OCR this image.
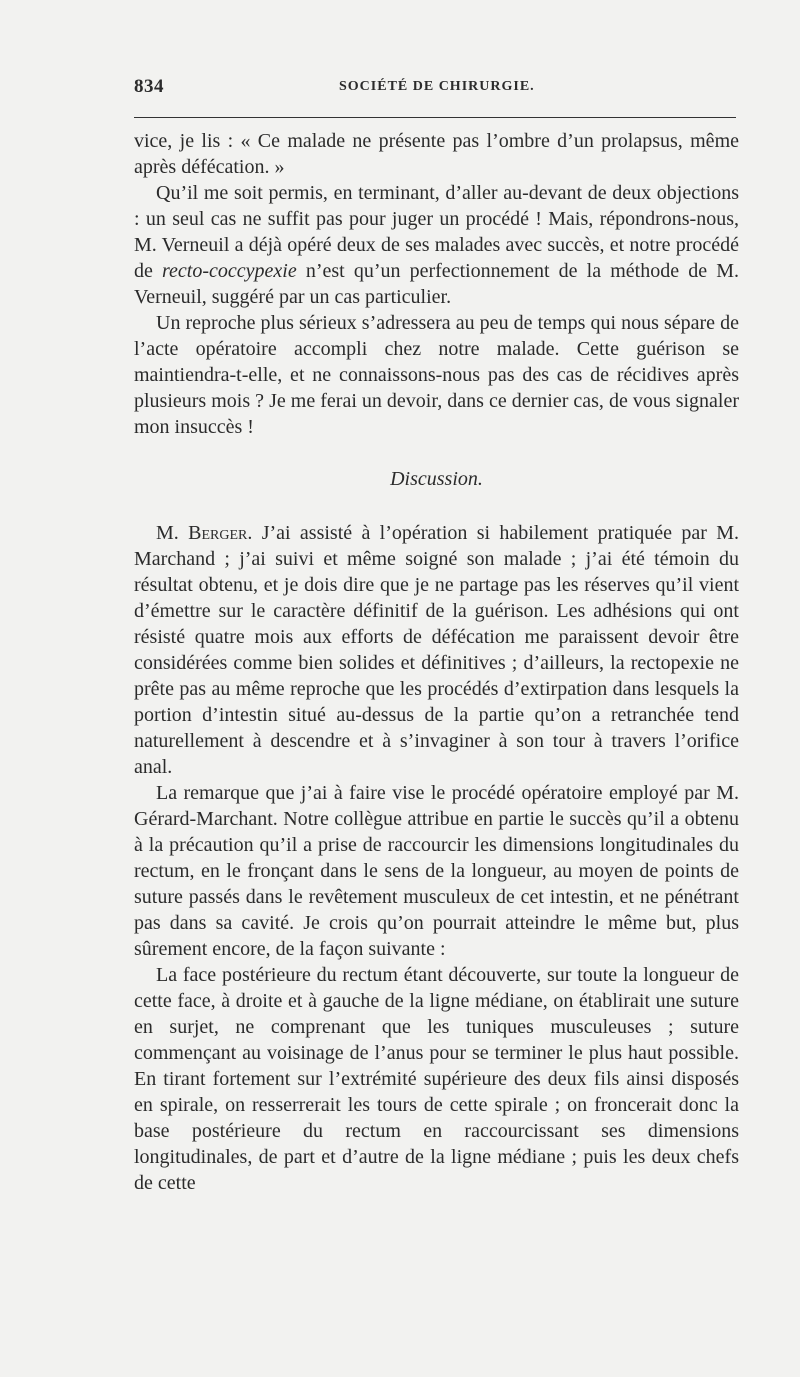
834	SOCIÉTÉ DE CHIRURGIE.

vice, je lis : « Ce malade ne présente pas l’ombre d’un prolapsus, même après défécation. »

Qu’il me soit permis, en terminant, d’aller au-devant de deux objections : un seul cas ne suffit pas pour juger un procédé ! Mais, répondrons-nous, M. Verneuil a déjà opéré deux de ses malades avec succès, et notre procédé de recto-coccypexie n’est qu’un perfectionnement de la méthode de M. Verneuil, suggéré par un cas particulier.

Un reproche plus sérieux s’adressera au peu de temps qui nous sépare de l’acte opératoire accompli chez notre malade. Cette guérison se maintiendra-t-elle, et ne connaissons-nous pas des cas de récidives après plusieurs mois ? Je me ferai un devoir, dans ce dernier cas, de vous signaler mon insuccès !

Discussion.

M. Berger. J’ai assisté à l’opération si habilement pratiquée par M. Marchand ; j’ai suivi et même soigné son malade ; j’ai été témoin du résultat obtenu, et je dois dire que je ne partage pas les réserves qu’il vient d’émettre sur le caractère définitif de la guérison. Les adhésions qui ont résisté quatre mois aux efforts de défécation me paraissent devoir être considérées comme bien solides et définitives ; d’ailleurs, la rectopexie ne prête pas au même reproche que les procédés d’extirpation dans lesquels la portion d’intestin situé au-dessus de la partie qu’on a retranchée tend naturellement à descendre et à s’invaginer à son tour à travers l’orifice anal.

La remarque que j’ai à faire vise le procédé opératoire employé par M. Gérard-Marchant. Notre collègue attribue en partie le succès qu’il a obtenu à la précaution qu’il a prise de raccourcir les dimensions longitudinales du rectum, en le fronçant dans le sens de la longueur, au moyen de points de suture passés dans le revêtement musculeux de cet intestin, et ne pénétrant pas dans sa cavité. Je crois qu’on pourrait atteindre le même but, plus sûrement encore, de la façon suivante :

La face postérieure du rectum étant découverte, sur toute la longueur de cette face, à droite et à gauche de la ligne médiane, on établirait une suture en surjet, ne comprenant que les tuniques musculeuses ; suture commençant au voisinage de l’anus pour se terminer le plus haut possible. En tirant fortement sur l’extrémité supérieure des deux fils ainsi disposés en spirale, on resserrerait les tours de cette spirale ; on froncerait donc la base postérieure du rectum en raccourcissant ses dimensions longitudinales, de part et d’autre de la ligne médiane ; puis les deux chefs de cette
